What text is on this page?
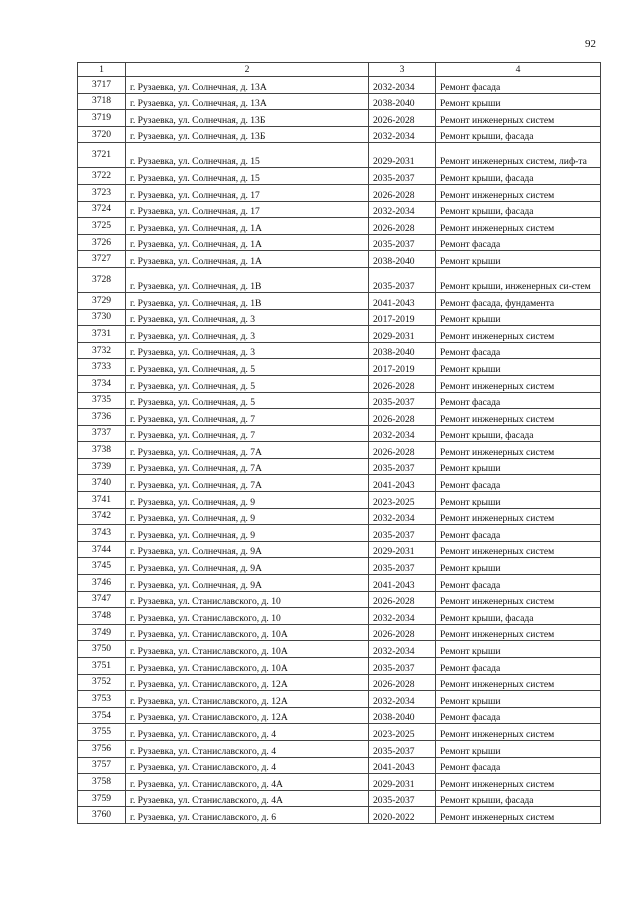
92
1	2	3	4
3717	г. Рузаевка, ул. Солнечная, д. 13А	2032-2034	Ремонт фасада
3718	г. Рузаевка, ул. Солнечная, д. 13А	2038-2040	Ремонт крыши
3719	г. Рузаевка, ул. Солнечная, д. 13Б	2026-2028	Ремонт инженерных систем
3720	г. Рузаевка, ул. Солнечная, д. 13Б	2032-2034	Ремонт крыши, фасада
3721	г. Рузаевка, ул. Солнечная, д. 15	2029-2031	Ремонт инженерных систем, лиф-та
3722	г. Рузаевка, ул. Солнечная, д. 15	2035-2037	Ремонт крыши, фасада
3723	г. Рузаевка, ул. Солнечная, д. 17	2026-2028	Ремонт инженерных систем
3724	г. Рузаевка, ул. Солнечная, д. 17	2032-2034	Ремонт крыши, фасада
3725	г. Рузаевка, ул. Солнечная, д. 1А	2026-2028	Ремонт инженерных систем
3726	г. Рузаевка, ул. Солнечная, д. 1А	2035-2037	Ремонт фасада
3727	г. Рузаевка, ул. Солнечная, д. 1А	2038-2040	Ремонт крыши
3728	г. Рузаевка, ул. Солнечная, д. 1В	2035-2037	Ремонт крыши, инженерных си-стем
3729	г. Рузаевка, ул. Солнечная, д. 1В	2041-2043	Ремонт фасада, фундамента
3730	г. Рузаевка, ул. Солнечная, д. 3	2017-2019	Ремонт крыши
3731	г. Рузаевка, ул. Солнечная, д. 3	2029-2031	Ремонт инженерных систем
3732	г. Рузаевка, ул. Солнечная, д. 3	2038-2040	Ремонт фасада
3733	г. Рузаевка, ул. Солнечная, д. 5	2017-2019	Ремонт крыши
3734	г. Рузаевка, ул. Солнечная, д. 5	2026-2028	Ремонт инженерных систем
3735	г. Рузаевка, ул. Солнечная, д. 5	2035-2037	Ремонт фасада
3736	г. Рузаевка, ул. Солнечная, д. 7	2026-2028	Ремонт инженерных систем
3737	г. Рузаевка, ул. Солнечная, д. 7	2032-2034	Ремонт крыши, фасада
3738	г. Рузаевка, ул. Солнечная, д. 7А	2026-2028	Ремонт инженерных систем
3739	г. Рузаевка, ул. Солнечная, д. 7А	2035-2037	Ремонт крыши
3740	г. Рузаевка, ул. Солнечная, д. 7А	2041-2043	Ремонт фасада
3741	г. Рузаевка, ул. Солнечная, д. 9	2023-2025	Ремонт крыши
3742	г. Рузаевка, ул. Солнечная, д. 9	2032-2034	Ремонт инженерных систем
3743	г. Рузаевка, ул. Солнечная, д. 9	2035-2037	Ремонт фасада
3744	г. Рузаевка, ул. Солнечная, д. 9А	2029-2031	Ремонт инженерных систем
3745	г. Рузаевка, ул. Солнечная, д. 9А	2035-2037	Ремонт крыши
3746	г. Рузаевка, ул. Солнечная, д. 9А	2041-2043	Ремонт фасада
3747	г. Рузаевка, ул. Станиславского, д. 10	2026-2028	Ремонт инженерных систем
3748	г. Рузаевка, ул. Станиславского, д. 10	2032-2034	Ремонт крыши, фасада
3749	г. Рузаевка, ул. Станиславского, д. 10А	2026-2028	Ремонт инженерных систем
3750	г. Рузаевка, ул. Станиславского, д. 10А	2032-2034	Ремонт крыши
3751	г. Рузаевка, ул. Станиславского, д. 10А	2035-2037	Ремонт фасада
3752	г. Рузаевка, ул. Станиславского, д. 12А	2026-2028	Ремонт инженерных систем
3753	г. Рузаевка, ул. Станиславского, д. 12А	2032-2034	Ремонт крыши
3754	г. Рузаевка, ул. Станиславского, д. 12А	2038-2040	Ремонт фасада
3755	г. Рузаевка, ул. Станиславского, д. 4	2023-2025	Ремонт инженерных систем
3756	г. Рузаевка, ул. Станиславского, д. 4	2035-2037	Ремонт крыши
3757	г. Рузаевка, ул. Станиславского, д. 4	2041-2043	Ремонт фасада
3758	г. Рузаевка, ул. Станиславского, д. 4А	2029-2031	Ремонт инженерных систем
3759	г. Рузаевка, ул. Станиславского, д. 4А	2035-2037	Ремонт крыши, фасада
3760	г. Рузаевка, ул. Станиславского, д. 6	2020-2022	Ремонт инженерных систем
